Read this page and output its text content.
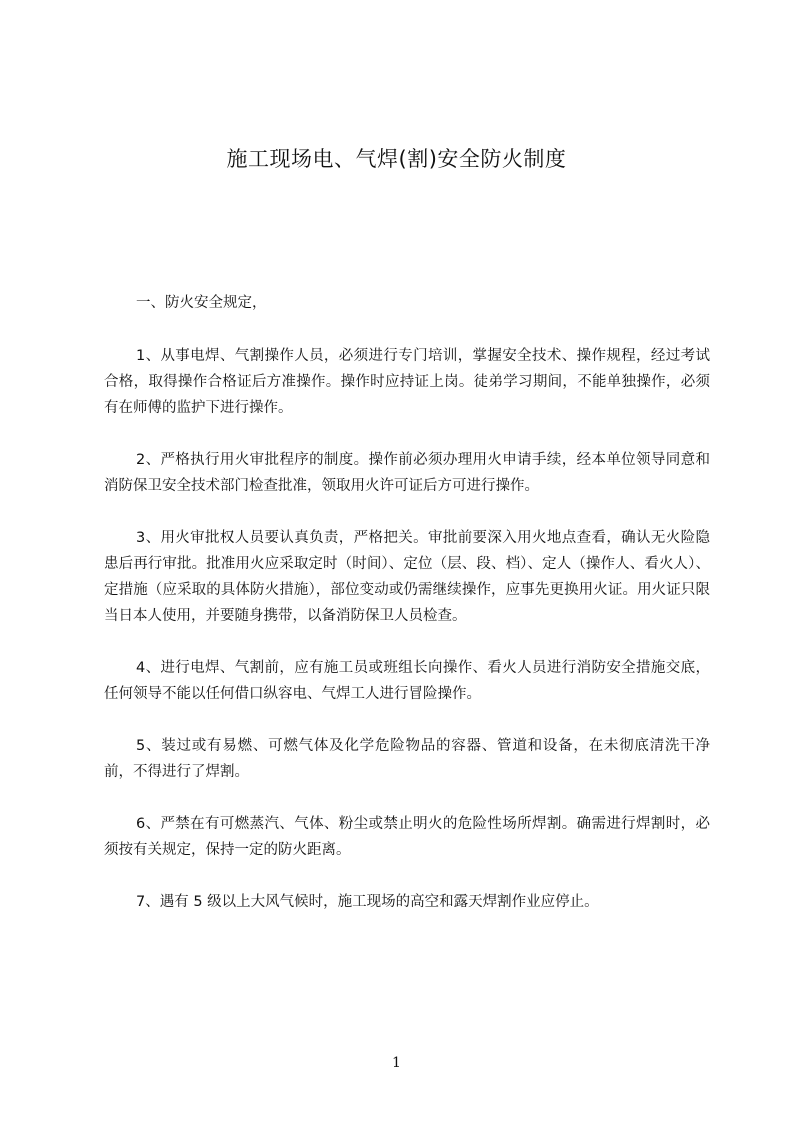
施工现场电、气焊(割)安全防火制度

一、防火安全规定，

1、从事电焊、气割操作人员，必须进行专门培训，掌握安全技术、操作规程，经过考试合格，取得操作合格证后方准操作。操作时应持证上岗。徒弟学习期间，不能单独操作，必须有在师傅的监护下进行操作。

2、严格执行用火审批程序的制度。操作前必须办理用火申请手续，经本单位领导同意和消防保卫安全技术部门检查批准，领取用火许可证后方可进行操作。

3、用火审批权人员要认真负责，严格把关。审批前要深入用火地点查看，确认无火险隐患后再行审批。批准用火应采取定时（时间）、定位（层、段、档）、定人（操作人、看火人）、定措施（应采取的具体防火措施），部位变动或仍需继续操作，应事先更换用火证。用火证只限当日本人使用，并要随身携带，以备消防保卫人员检查。

4、进行电焊、气割前，应有施工员或班组长向操作、看火人员进行消防安全措施交底，任何领导不能以任何借口纵容电、气焊工人进行冒险操作。

5、装过或有易燃、可燃气体及化学危险物品的容器、管道和设备，在未彻底清洗干净前，不得进行了焊割。

6、严禁在有可燃蒸汽、气体、粉尘或禁止明火的危险性场所焊割。确需进行焊割时，必须按有关规定，保持一定的防火距离。

7、遇有 5 级以上大风气候时，施工现场的高空和露天焊割作业应停止。

1
